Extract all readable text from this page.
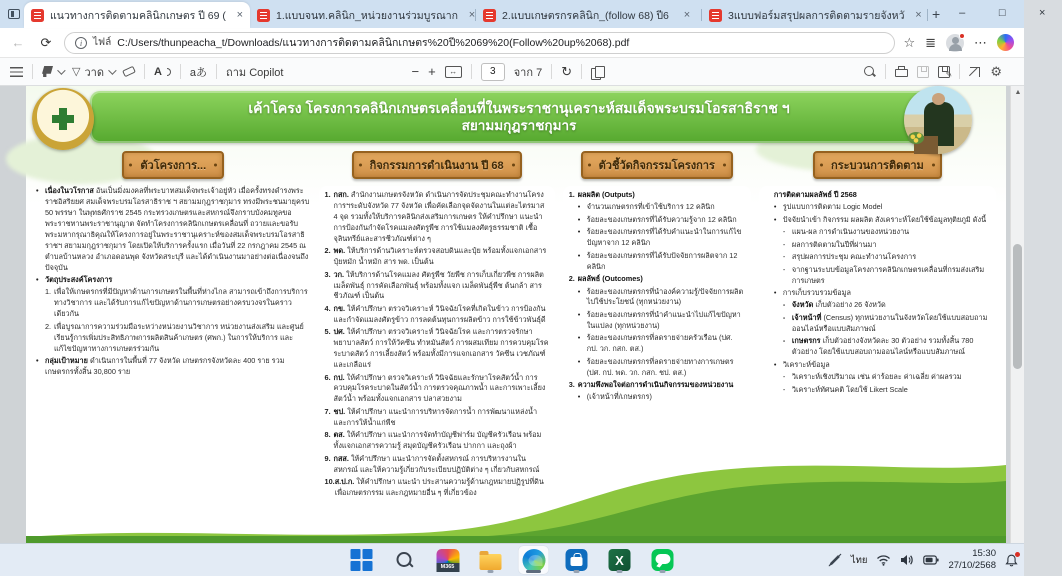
แนวทางการติดตามคลินิกเกษตร ปี 69 ( ×	1.แบบจนท.คลินิก_หน่วยงานร่วมบูรณาก ×	2.แบบเกษตรกรคลินิก_(follow 68) ปี6	×	3แบบฟอร์มสรุปผลการติดตามรายจังหวั × +	–	□	×
←	⟳	i	ไฟล์ C:/Users/thunpeacha_t/Downloads/แนวทางการติดตามคลินิกเกษตร%20ปี%2069%20(Follow%20up%2068).pdf	☆ ≣	⋯
▽ วาด	A	aあ ถาม Copilot	− +	↔
3	จาก 7 ↻	✎	⚙
เค้าโครง โครงการคลินิกเกษตรเคลื่อนที่ในพระราชานุเคราะห์สมเด็จพระบรมโอรสาธิราช ฯ
สยามมกุฎราชกุมาร
ตัวโครงการ...
• เนื่องในวโรกาส อันเป็นมิ่งมงคลที่พระบาทสมเด็จพระเจ้าอยู่หัว เมื่อครั้งทรงดำรงพระราชอิสริยยศ สมเด็จพระบรมโอรสาธิราช ฯ สยามมกุฎราชกุมาร ทรงมีพระชนมายุครบ 50 พรรษา ในพุทธศักราช 2545 กระทรวงเกษตรและสหกรณ์จึงกราบบังคมทูลขอพระราชทานพระราชานุญาต จัดทำโครงการคลินิกเกษตรเคลื่อนที่ ถวายและขอรับพระมหากรุณาธิคุณให้โครงการอยู่ในพระราชานุเคราะห์ของสมเด็จพระบรมโอรสาธิราชฯ สยามมกุฎราชกุมาร โดยเปิดให้บริการครั้งแรก เมื่อวันที่ 22 กรกฎาคม 2545 ณ ตำบลบ้านหลวง อำเภอดอนพุด จังหวัดสระบุรี และได้ดำเนินงานมาอย่างต่อเนื่องจนถึงปัจจุบัน
• วัตถุประสงค์โครงการ
1. เพื่อให้เกษตรกรที่มีปัญหาด้านการเกษตรในพื้นที่ห่างไกล สามารถเข้าถึงการบริการทางวิชาการ และได้รับการแก้ไขปัญหาด้านการเกษตรอย่างครบวงจรในคราวเดียวกัน
2. เพื่อบูรณาการความร่วมมือระหว่างหน่วยงานวิชาการ หน่วยงานส่งเสริม และศูนย์เรียนรู้การเพิ่มประสิทธิภาพการผลิตสินค้าเกษตร (ศพก.) ในการให้บริการ และแก้ไขปัญหาทางการเกษตรร่วมกัน
• กลุ่มเป้าหมาย ดำเนินการในพื้นที่ 77 จังหวัด เกษตรกรจังหวัดละ 400 ราย รวมเกษตรกรทั้งสิ้น 30,800 ราย
กิจกรรมการดำเนินงาน ปี 68
1. กสก. สำนักงานเกษตรจังหวัด ดำเนินการจัดประชุมคณะทำงานโครงการฯระดับจังหวัด 77 จังหวัด เพื่อคัดเลือกจุดจัดงานในแต่ละไตรมาส 4 จุด รวมทั้งให้บริการคลินิกส่งเสริมการเกษตร ให้คำปรึกษา แนะนำ การป้องกันกำจัดโรคแมลงศัตรูพืช การใช้แมลงศัตรูธรรมชาติ เชื้อจุลินทรีย์และสารชีวภัณฑ์ต่าง ๆ
2. พด. ให้บริการด้านวิเคราะห์ตรวจสอบดินและปุ๋ย พร้อมทั้งแจกเอกสาร ปุ๋ยหมัก น้ำหมัก สาร พด. เป็นต้น
3. วก. ให้บริการด้านโรคแมลง ศัตรูพืช วัยพืช การเก็บเกี่ยวพืช การผลิตเมล็ดพันธุ์ การคัดเลือกพันธุ์ พร้อมทั้งแจก เมล็ดพันธุ์พืช ต้นกล้า สารชีวภัณฑ์ เป็นต้น
4. กข. ให้คำปรึกษา ตรวจวิเคราะห์ วินิจฉัยโรคที่เกิดในข้าว การป้องกัน และกำจัดแมลงศัตรูข้าว การลดต้นทุนการผลิตข้าว การใช้ข้าวพันธุ์ดี
5. ปศ. ให้คำปรึกษา ตรวจวิเคราะห์ วินิจฉัยโรค และการตรวจรักษา พยาบาลสัตว์ การให้วัคซีน ทำหมันสัตว์ การผสมเทียม การควบคุมโรคระบาดสัตว์ การเลี้ยงสัตว์ พร้อมทั้งมีการแจกเอกสาร วัคซีน เวชภัณฑ์ และเกลือแร่
6. กป. ให้คำปรึกษา ตรวจวิเคราะห์ วินิจฉัยและรักษาโรคสัตว์น้ำ การควบคุมโรคระบาดในสัตว์น้ำ การตรวจคุณภาพน้ำ และการเพาะเลี้ยงสัตว์น้ำ พร้อมทั้งแจกเอกสาร ปลาสวยงาม
7. ชป. ให้คำปรึกษา แนะนำการบริหารจัดการน้ำ การพัฒนาแหล่งน้ำ และการให้น้ำแก่พืช
8. ตส. ให้คำปรึกษา แนะนำการจัดทำบัญชีฟาร์ม บัญชีครัวเรือน พร้อมทั้งแจกเอกสารความรู้ สมุดบัญชีครัวเรือน ปากกา และถุงผ้า
9. กสส. ให้คำปรึกษา แนะนำการจัดตั้งสหกรณ์ การบริหารงานในสหกรณ์ และให้ความรู้เกี่ยวกับระเบียบปฏิบัติต่าง ๆ เกี่ยวกับสหกรณ์
10. ส.ป.ก. ให้คำปรึกษา แนะนำ ประสานความรู้ด้านกฎหมายปฏิรูปที่ดินเพื่อเกษตรกรรม และกฎหมายอื่น ๆ ที่เกี่ยวข้อง
ตัวชี้วัดกิจกรรมโครงการ
1. ผลผลิต (Outputs)
• จำนวนเกษตรกรที่เข้าใช้บริการ 12 คลินิก
• ร้อยละของเกษตรกรที่ได้รับความรู้จาก 12 คลินิก
• ร้อยละของเกษตรกรที่ได้รับคำแนะนำในการแก้ไขปัญหาจาก 12 คลินิก
• ร้อยละของเกษตรกรที่ได้รับปัจจัยการผลิตจาก 12 คลินิก
2. ผลลัพธ์ (Outcomes)
• ร้อยละของเกษตรกรที่นำองค์ความรู้/ปัจจัยการผลิตไปใช้ประโยชน์ (ทุกหน่วยงาน)
• ร้อยละของเกษตรกรที่นำคำแนะนำไปแก้ไขปัญหาในแปลง (ทุกหน่วยงาน)
• ร้อยละของเกษตรกรที่ลดรายจ่ายครัวเรือน (ปศ. กป. วก. กสก. ตส.)
• ร้อยละของเกษตรกรที่ลดรายจ่ายทางการเกษตร (ปศ. กป. พด. วก. กสก. ชป. ตส.)
3. ความพึงพอใจต่อการดำเนินกิจกรรมของหน่วยงาน
• (เจ้าหน้าที่/เกษตรกร)
กระบวนการติดตาม
การติดตามผลลัพธ์ ปี 2568
• รูปแบบการติดตาม Logic Model
• ปัจจัยนำเข้า กิจกรรม ผลผลิต สังเคราะห์โดยใช้ข้อมูลทุติยภูมิ ดังนี้
- แผน-ผล การดำเนินงานของหน่วยงาน
- ผลการติดตามในปีที่ผ่านมา
- สรุปผลการประชุม คณะทำงานโครงการ
- จากฐานระบบข้อมูลโครงการคลินิกเกษตรเคลื่อนที่กรมส่งเสริมการเกษตร
• การเก็บรวบรวมข้อมูล
- จังหวัด เก็บตัวอย่าง 26 จังหวัด
- เจ้าหน้าที่ (Census) ทุกหน่วยงานในจังหวัดโดยใช้แบบสอบถามออนไลน์หรือแบบสัมภาษณ์
- เกษตรกร เก็บตัวอย่างจังหวัดละ 30 ตัวอย่าง รวมทั้งสิ้น 780 ตัวอย่าง โดยใช้แบบสอบถามออนไลน์หรือแบบสัมภาษณ์
• วิเคราะห์ข้อมูล
- วิเคราะห์เชิงปริมาณ เช่น ค่าร้อยละ ค่าเฉลี่ย ค่าผลรวม
- วิเคราะห์ทัศนคติ โดยใช้ Likert Scale
▲
M365
X
ไทย
15:30
27/10/2568
